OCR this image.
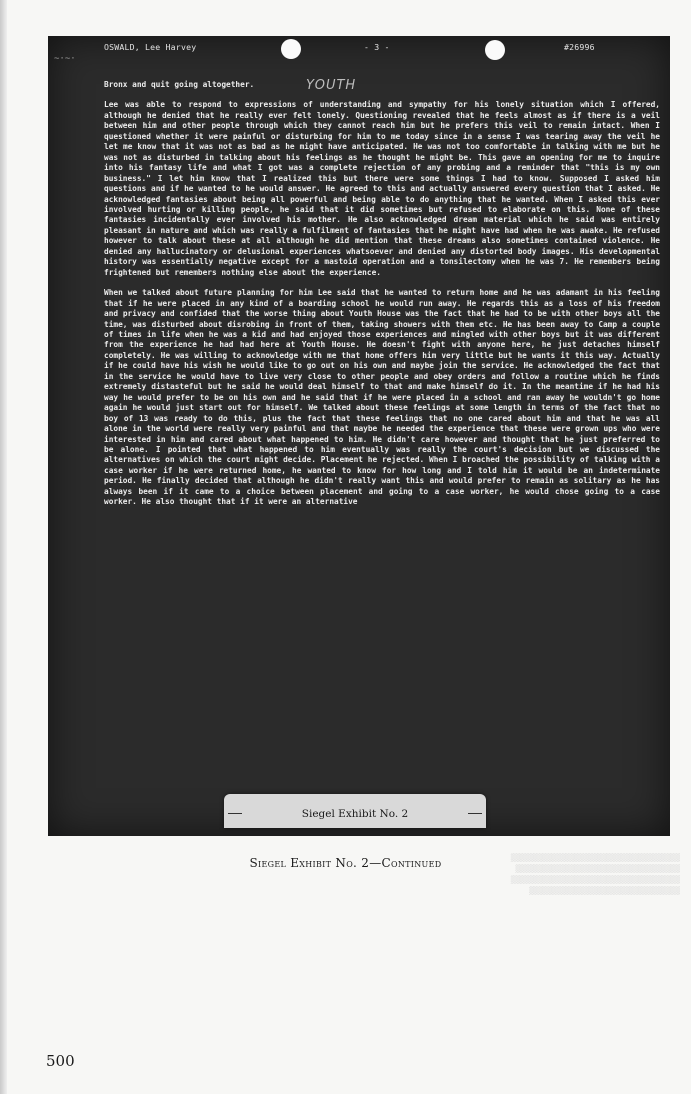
OSWALD, Lee Harvey	- 3 -	#26996
~·~·
YOUTH

Bronx and quit going altogether.

Lee was able to respond to expressions of understanding and sympathy for his lonely situation which I offered, although he denied that he really ever felt lonely. Questioning revealed that he feels almost as if there is a veil between him and other people through which they cannot reach him but he prefers this veil to remain intact. When I questioned whether it were painful or disturbing for him to me today since in a sense I was tearing away the veil he let me know that it was not as bad as he might have anticipated. He was not too comfortable in talking with me but he was not as disturbed in talking about his feelings as he thought he might be. This gave an opening for me to inquire into his fantasy life and what I got was a complete rejection of any probing and a reminder that "this is my own business." I let him know that I realized this but there were some things I had to know. Supposed I asked him questions and if he wanted to he would answer. He agreed to this and actually answered every question that I asked. He acknowledged fantasies about being all powerful and being able to do anything that he wanted. When I asked this ever involved hurting or killing people, he said that it did sometimes but refused to elaborate on this. None of these fantasies incidentally ever involved his mother. He also acknowledged dream material which he said was entirely pleasant in nature and which was really a fulfilment of fantasies that he might have had when he was awake. He refused however to talk about these at all although he did mention that these dreams also sometimes contained violence. He denied any hallucinatory or delusional experiences whatsoever and denied any distorted body images. His developmental history was essentially negative except for a mastoid operation and a tonsilectomy when he was 7. He remembers being frightened but remembers nothing else about the experience.

When we talked about future planning for him Lee said that he wanted to return home and he was adamant in his feeling that if he were placed in any kind of a boarding school he would run away. He regards this as a loss of his freedom and privacy and confided that the worse thing about Youth House was the fact that he had to be with other boys all the time, was disturbed about disrobing in front of them, taking showers with them etc. He has been away to Camp a couple of times in life when he was a kid and had enjoyed those experiences and mingled with other boys but it was different from the experience he had had here at Youth House. He doesn't fight with anyone here, he just detaches himself completely. He was willing to acknowledge with me that home offers him very little but he wants it this way. Actually if he could have his wish he would like to go out on his own and maybe join the service. He acknowledged the fact that in the service he would have to live very close to other people and obey orders and follow a routine which he finds extremely distasteful but he said he would deal himself to that and make himself do it. In the meantime if he had his way he would prefer to be on his own and he said that if he were placed in a school and ran away he wouldn't go home again he would just start out for himself. We talked about these feelings at some length in terms of the fact that no boy of 13 was ready to do this, plus the fact that these feelings that no one cared about him and that he was all alone in the world were really very painful and that maybe he needed the experience that these were grown ups who were interested in him and cared about what happened to him. He didn't care however and thought that he just preferred to be alone. I pointed that what happened to him eventually was really the court's decision but we discussed the alternatives on which the court might decide. Placement he rejected. When I broached the possibility of talking with a case worker if he were returned home, he wanted to know for how long and I told him it would be an indeterminate period. He finally decided that although he didn't really want this and would prefer to remain as solitary as he has always been if it came to a choice between placement and going to a case worker, he would chose going to a case worker. He also thought that if it were an alternative

Siegel Exhibit No. 2
▒▒▒▒▒▒▒▒▒▒▒▒▒▒▒▒▒▒▒▒▒▒▒▒▒▒▒▒▒▒▒▒▒▒▒▒▒
▒▒▒▒▒▒▒▒▒▒▒▒▒▒▒▒▒▒▒▒▒▒▒▒▒▒▒▒▒▒▒▒▒▒▒▒
▒▒▒▒▒▒▒▒▒▒▒▒▒▒▒▒▒▒▒▒▒▒▒▒▒▒▒▒▒▒▒▒▒▒▒▒▒
▒▒▒▒▒▒▒▒▒▒▒▒▒▒▒▒▒▒▒▒▒▒▒▒▒▒▒▒▒▒▒▒▒
Siegel Exhibit No. 2—Continued
500
